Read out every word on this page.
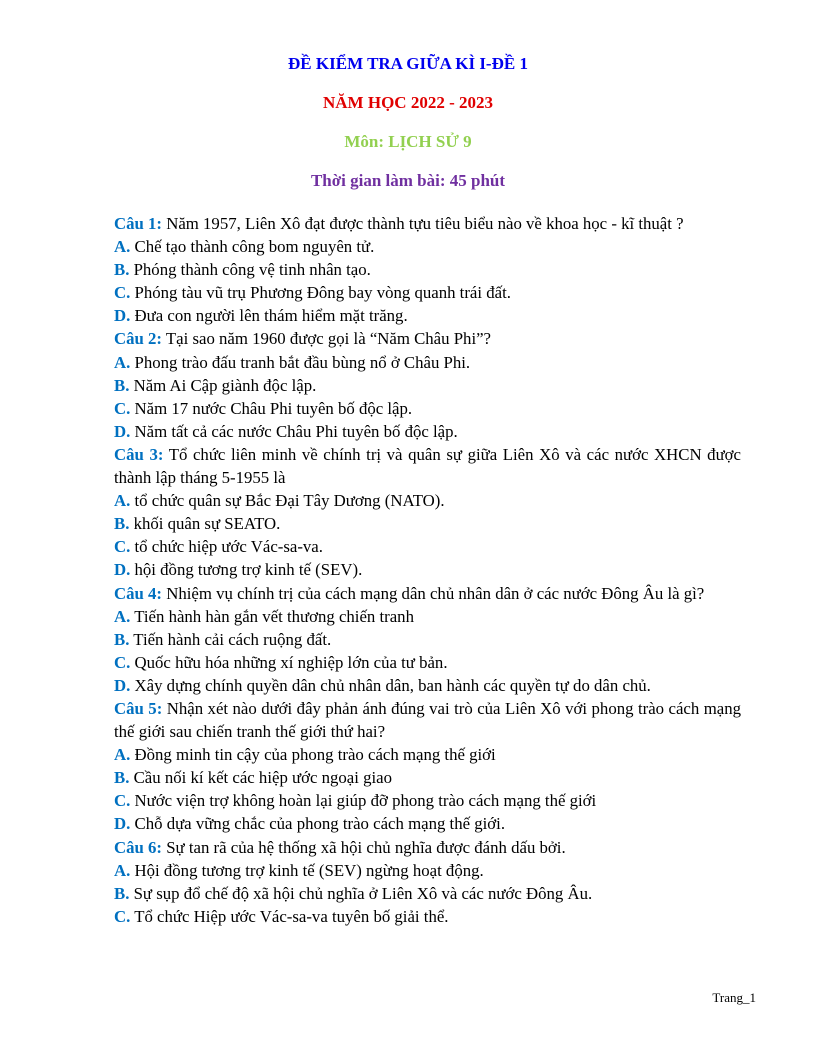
ĐỀ KIỂM TRA GIỮA KÌ I-ĐỀ 1
NĂM HỌC 2022 - 2023
Môn: LỊCH SỬ 9
Thời gian làm bài: 45 phút

Câu 1: Năm 1957, Liên Xô đạt được thành tựu tiêu biểu nào về khoa học - kĩ thuật ?

A. Chế tạo thành công bom nguyên tử.

B. Phóng thành công vệ tinh nhân tạo.

C. Phóng tàu vũ trụ Phương Đông bay vòng quanh trái đất.

D. Đưa con người lên thám hiểm mặt trăng.

Câu 2: Tại sao năm 1960 được gọi là “Năm Châu Phi”?

A. Phong trào đấu tranh bắt đầu bùng nổ ở Châu Phi.

B. Năm Ai Cập giành độc lập.

C. Năm 17 nước Châu Phi tuyên bố độc lập.

D. Năm tất cả các nước Châu Phi tuyên bố độc lập.

Câu 3: Tổ chức liên minh về chính trị và quân sự giữa Liên Xô và các nước XHCN được thành lập tháng 5-1955 là

A. tổ chức quân sự Bắc Đại Tây Dương (NATO).

B. khối quân sự SEATO.

C. tổ chức hiệp ước Vác-sa-va.

D. hội đồng tương trợ kinh tế (SEV).

Câu 4: Nhiệm vụ chính trị của cách mạng dân chủ nhân dân ở các nước Đông Âu là gì?

A. Tiến hành hàn gắn vết thương chiến tranh

B. Tiến hành cải cách ruộng đất.

C. Quốc hữu hóa những xí nghiệp lớn của tư bản.

D. Xây dựng chính quyền dân chủ nhân dân, ban hành các quyền tự do dân chủ.

Câu 5: Nhận xét nào dưới đây phản ánh đúng vai trò của Liên Xô với phong trào cách mạng thế giới sau chiến tranh thế giới thứ hai?

A. Đồng minh tin cậy của phong trào cách mạng thế giới

B. Cầu nối kí kết các hiệp ước ngoại giao

C. Nước viện trợ không hoàn lại giúp đỡ phong trào cách mạng thế giới

D. Chỗ dựa vững chắc của phong trào cách mạng thế giới.

Câu 6: Sự tan rã của hệ thống xã hội chủ nghĩa được đánh dấu bởi.

A. Hội đồng tương trợ kinh tế (SEV) ngừng hoạt động.

B. Sự sụp đổ chế độ xã hội chủ nghĩa ở Liên Xô và các nước Đông Âu.

C. Tổ chức Hiệp ước Vác-sa-va tuyên bố giải thể.

Trang_1
